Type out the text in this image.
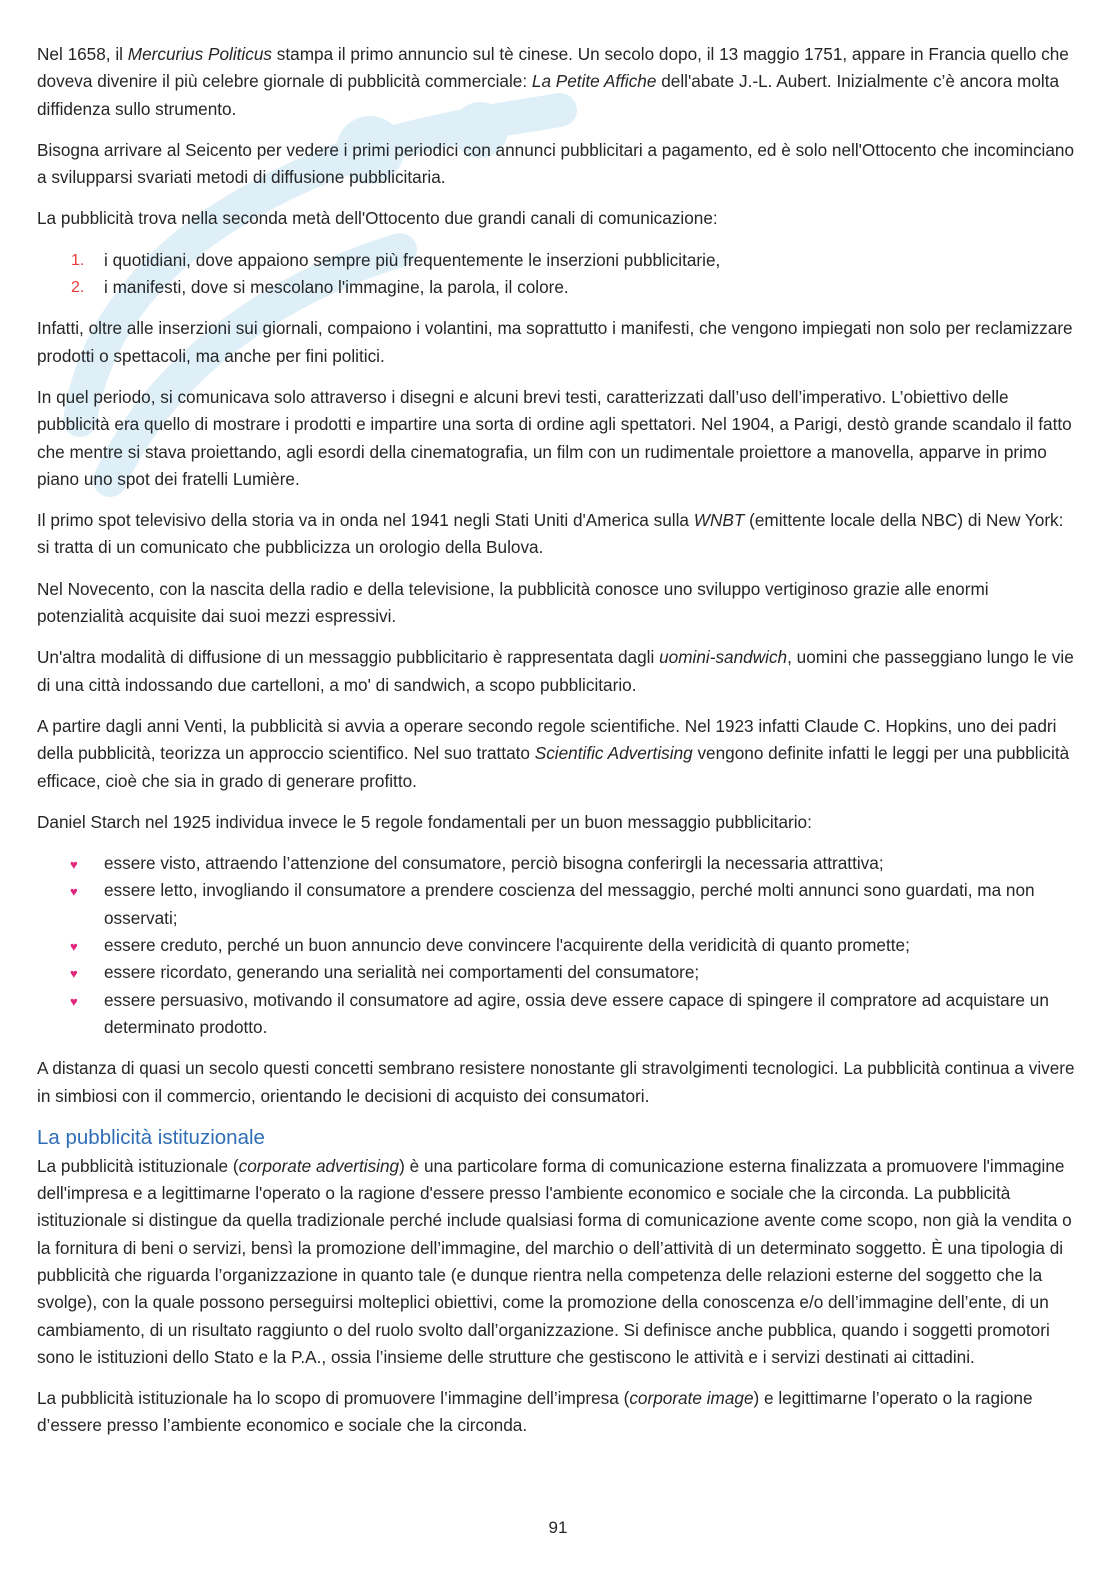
Nel 1658, il Mercurius Politicus stampa il primo annuncio sul tè cinese. Un secolo dopo, il 13 maggio 1751, appare in Francia quello che doveva divenire il più celebre giornale di pubblicità commerciale: La Petite Affiche dell'abate J.-L. Aubert. Inizialmente c’è ancora molta diffidenza sullo strumento.

Bisogna arrivare al Seicento per vedere i primi periodici con annunci pubblicitari a pagamento, ed è solo nell'Ottocento che incominciano a svilupparsi svariati metodi di diffusione pubblicitaria.

La pubblicità trova nella seconda metà dell'Ottocento due grandi canali di comunicazione:

1. i quotidiani, dove appaiono sempre più frequentemente le inserzioni pubblicitarie,
2. i manifesti, dove si mescolano l'immagine, la parola, il colore.

Infatti, oltre alle inserzioni sui giornali, compaiono i volantini, ma soprattutto i manifesti, che vengono impiegati non solo per reclamizzare prodotti o spettacoli, ma anche per fini politici.

In quel periodo, si comunicava solo attraverso i disegni e alcuni brevi testi, caratterizzati dall’uso dell’imperativo. L’obiettivo delle pubblicità era quello di mostrare i prodotti e impartire una sorta di ordine agli spettatori. Nel 1904, a Parigi, destò grande scandalo il fatto che mentre si stava proiettando, agli esordi della cinematografia, un film con un rudimentale proiettore a manovella, apparve in primo piano uno spot dei fratelli Lumière.

Il primo spot televisivo della storia va in onda nel 1941 negli Stati Uniti d'America sulla WNBT (emittente locale della NBC) di New York: si tratta di un comunicato che pubblicizza un orologio della Bulova.

Nel Novecento, con la nascita della radio e della televisione, la pubblicità conosce uno sviluppo vertiginoso grazie alle enormi potenzialità acquisite dai suoi mezzi espressivi.

Un'altra modalità di diffusione di un messaggio pubblicitario è rappresentata dagli uomini-sandwich, uomini che passeggiano lungo le vie di una città indossando due cartelloni, a mo' di sandwich, a scopo pubblicitario.

A partire dagli anni Venti, la pubblicità si avvia a operare secondo regole scientifiche. Nel 1923 infatti Claude C. Hopkins, uno dei padri della pubblicità, teorizza un approccio scientifico. Nel suo trattato Scientific Advertising vengono definite infatti le leggi per una pubblicità efficace, cioè che sia in grado di generare profitto.

Daniel Starch nel 1925 individua invece le 5 regole fondamentali per un buon messaggio pubblicitario:

♥ essere visto, attraendo l’attenzione del consumatore, perciò bisogna conferirgli la necessaria attrattiva;
♥ essere letto, invogliando il consumatore a prendere coscienza del messaggio, perché molti annunci sono guardati, ma non osservati;
♥ essere creduto, perché un buon annuncio deve convincere l'acquirente della veridicità di quanto promette;
♥ essere ricordato, generando una serialità nei comportamenti del consumatore;
♥ essere persuasivo, motivando il consumatore ad agire, ossia deve essere capace di spingere il compratore ad acquistare un determinato prodotto.

A distanza di quasi un secolo questi concetti sembrano resistere nonostante gli stravolgimenti tecnologici. La pubblicità continua a vivere in simbiosi con il commercio, orientando le decisioni di acquisto dei consumatori.

La pubblicità istituzionale

La pubblicità istituzionale (corporate advertising) è una particolare forma di comunicazione esterna finalizzata a promuovere l'immagine dell'impresa e a legittimarne l'operato o la ragione d'essere presso l'ambiente economico e sociale che la circonda. La pubblicità istituzionale si distingue da quella tradizionale perché include qualsiasi forma di comunicazione avente come scopo, non già la vendita o la fornitura di beni o servizi, bensì la promozione dell’immagine, del marchio o dell’attività di un determinato soggetto. È una tipologia di pubblicità che riguarda l’organizzazione in quanto tale (e dunque rientra nella competenza delle relazioni esterne del soggetto che la svolge), con la quale possono perseguirsi molteplici obiettivi, come la promozione della conoscenza e/o dell’immagine dell’ente, di un cambiamento, di un risultato raggiunto o del ruolo svolto dall’organizzazione. Si definisce anche pubblica, quando i soggetti promotori sono le istituzioni dello Stato e la P.A., ossia l’insieme delle strutture che gestiscono le attività e i servizi destinati ai cittadini.

La pubblicità istituzionale ha lo scopo di promuovere l’immagine dell’impresa (corporate image) e legittimarne l’operato o la ragione d’essere presso l’ambiente economico e sociale che la circonda.

91
